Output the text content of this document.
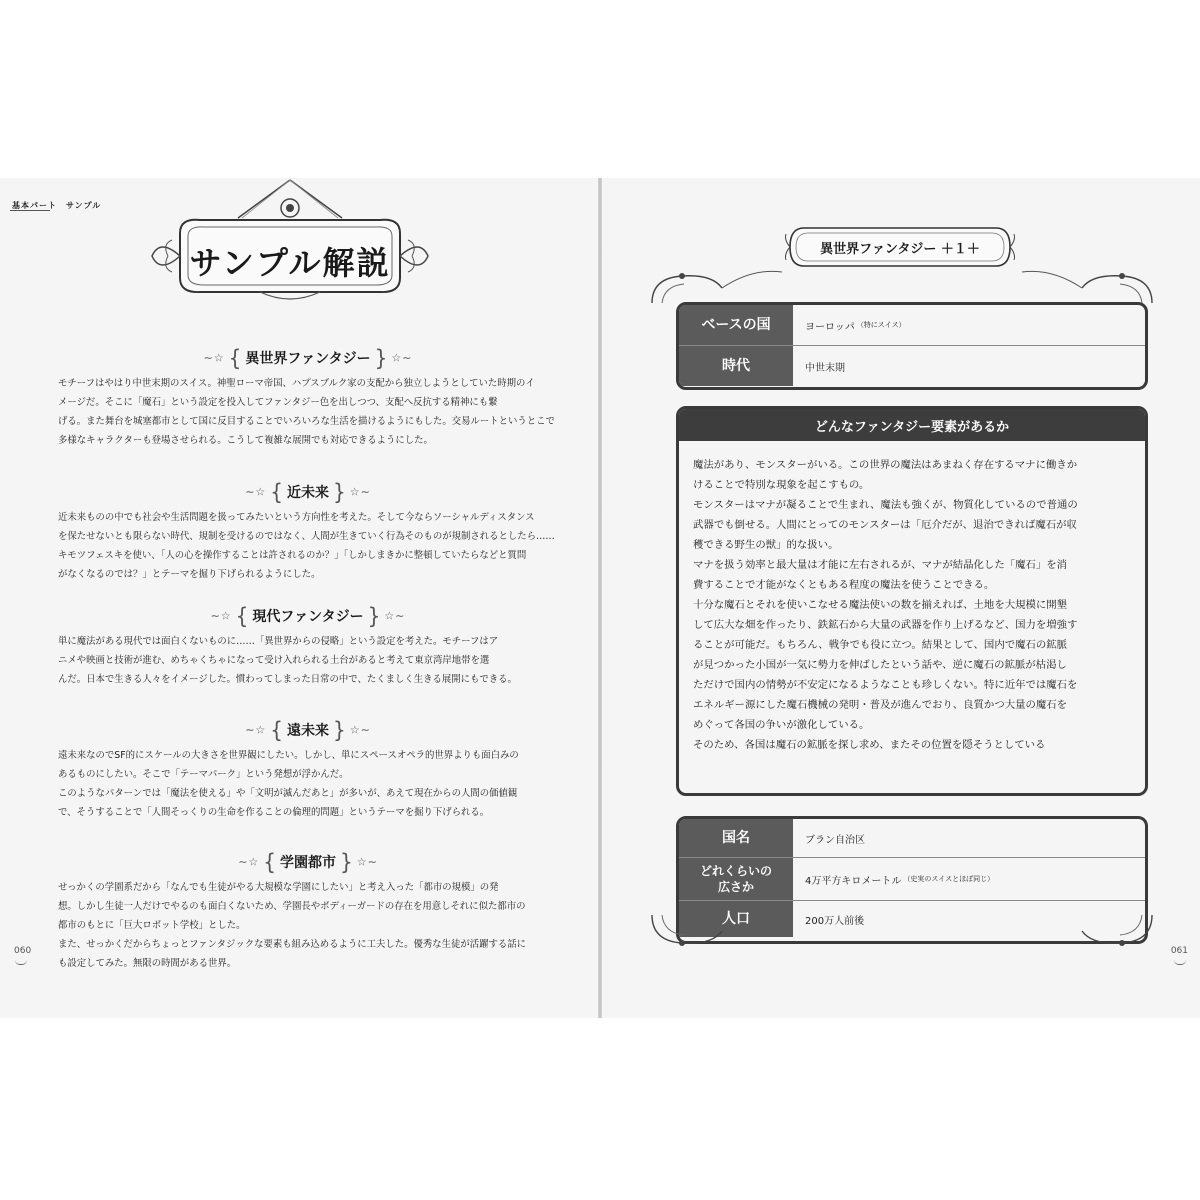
基本パート　サンプル
サンプル解説
∼☆ { 異世界ファンタジー } ☆∼

モチーフはやはり中世末期のスイス。神聖ローマ帝国、ハプスブルク家の支配から独立しようとしていた時期のイ

メージだ。そこに「魔石」という設定を投入してファンタジー色を出しつつ、支配へ反抗する精神にも繋

げる。また舞台を城塞都市として国に反目することでいろいろな生活を描けるようにもした。交易ルートというとこで

多様なキャラクターも登場させられる。こうして複雑な展開でも対応できるようにした。

∼☆ { 近未来 } ☆∼

近未来ものの中でも社会や生活問題を扱ってみたいという方向性を考えた。そして今ならソーシャルディスタンス

を保たせないとも限らない時代、規制を受けるのではなく、人間が生きていく行為そのものが規制されるとしたら……

キモツフェスキを使い、「人の心を操作することは許されるのか？」「しかしまきかに整頓していたらなどと質問

がなくなるのでは？」とテーマを掘り下げられるようにした。

∼☆ { 現代ファンタジー } ☆∼

単に魔法がある現代では面白くないものに……「異世界からの侵略」という設定を考えた。モチーフはア

ニメや映画と技術が進む、めちゃくちゃになって受け入れられる土台があると考えて東京湾岸地帯を選

んだ。日本で生きる人々をイメージした。慣わってしまった日常の中で、たくましく生きる展開にもできる。

∼☆ { 遠未来 } ☆∼

遠未来なのでSF的にスケールの大きさを世界観にしたい。しかし、単にスペースオペラ的世界よりも面白みの

あるものにしたい。そこで「テーマパーク」という発想が浮かんだ。

このようなパターンでは「魔法を使える」や「文明が滅んだあと」が多いが、あえて現在からの人間の価値観

で、そうすることで「人間そっくりの生命を作ることの倫理的問題」というテーマを掘り下げられる。

∼☆ { 学園都市 } ☆∼

せっかくの学園系だから「なんでも生徒がやる大規模な学園にしたい」と考え入った「都市の規模」の発

想。しかし生徒一人だけでやるのも面白くないため、学園長やボディーガードの存在を用意しそれに似た都市の

都市のもとに「巨大ロボット学校」とした。

また、せっかくだからちょっとファンタジックな要素も組み込めるように工夫した。優秀な生徒が活躍する話に

も設定してみた。無限の時間がある世界。

060
異世界ファンタジー ＋１＋
ベースの国	ヨーロッパ （特にスイス）
時代	中世末期
どんなファンタジー要素があるか

魔法があり、モンスターがいる。この世界の魔法はあまねく存在するマナに働きか

けることで特別な現象を起こすもの。

モンスターはマナが凝ることで生まれ、魔法も強くが、物質化しているので普通の

武器でも倒せる。人間にとってのモンスターは「厄介だが、退治できれば魔石が収

穫できる野生の獣」的な扱い。

マナを扱う効率と最大量は才能に左右されるが、マナが結晶化した「魔石」を消

費することで才能がなくともある程度の魔法を使うことできる。

十分な魔石とそれを使いこなせる魔法使いの数を揃えれば、土地を大規模に開墾

して広大な畑を作ったり、鉄鉱石から大量の武器を作り上げるなど、国力を増強す

ることが可能だ。もちろん、戦争でも役に立つ。結果として、国内で魔石の鉱脈

が見つかった小国が一気に勢力を伸ばしたという話や、逆に魔石の鉱脈が枯渇し

ただけで国内の情勢が不安定になるようなことも珍しくない。特に近年では魔石を

エネルギー源にした魔石機械の発明・普及が進んでおり、良質かつ大量の魔石を

めぐって各国の争いが激化している。

そのため、各国は魔石の鉱脈を探し求め、またその位置を隠そうとしている

国名	ブラン自治区
どれくらいの
広さか	4万平方キロメートル （史実のスイスとほぼ同じ）
人口	200万人前後
061
